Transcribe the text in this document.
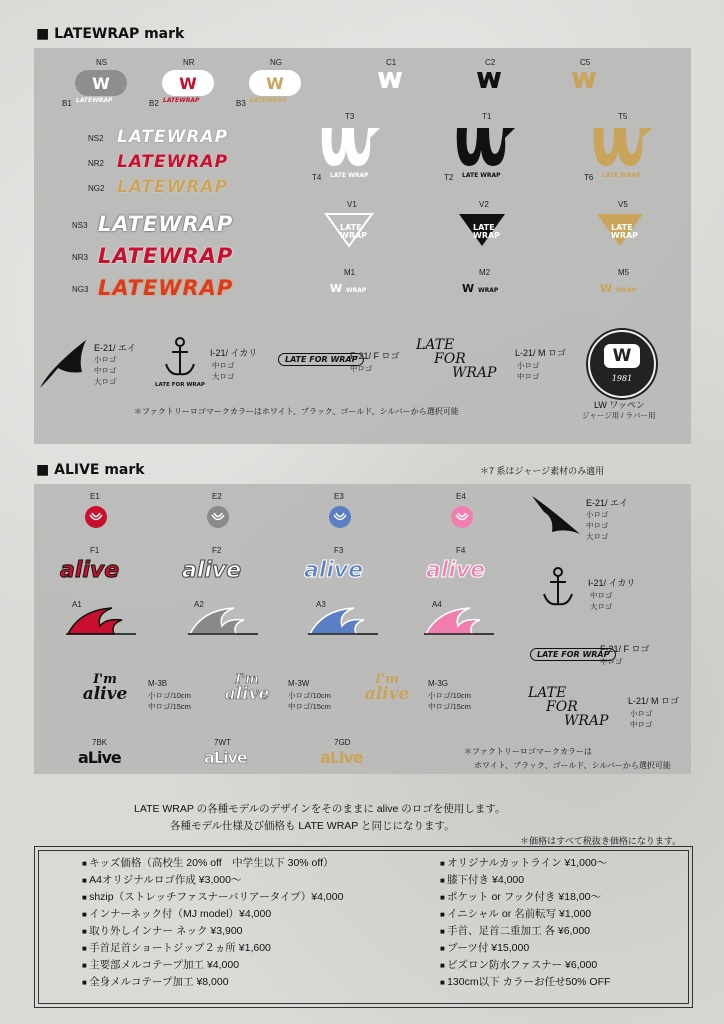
■ LATEWRAP mark
NS	NR	NG
W	W	W
LATEWRAP	LATEWRAP	LATEWRAP
B1	B2	B3
C1	C2	C5
NS2
NR2
NG2
LATEWRAP
LATEWRAP
LATEWRAP
NS3
NR3
NG3
LATEWRAP
LATEWRAP
LATEWRAP
T3	T1	T5
T4	T2	T6
LATE WRAP	LATE WRAP	LATE WRAP
V1	V2	V5
LATE
WRAP
LATE
WRAP
LATE
WRAP
M1	M2	M5
W WRAP	W WRAP	W WRAP
E-21/ エイ
小ロゴ
中ロゴ
大ロゴ	LATE FOR WRAP
I-21/ イカリ
中ロゴ
大ロゴ
LATE FOR WRAP
F-21/ F ロゴ
中ロゴ
LATE
FOR
WRAP
L-21/ M ロゴ
小ロゴ
中ロゴ
W
1981
LW ワッペン
ジャージ用 / ラバー用
＊ファクトリーロゴマークカラーはホワイト、ブラック、ゴールド、シルバーから選択可能
■ ALIVE mark	＊7 系はジャージ素材のみ適用
E1	E2	E3	E4
F1	F2	F3	F4
alive	alive	alive	alive
A1	A2	A3	A4
I'm
alive
M-3B
小ロゴ/10cm
中ロゴ/15cm
I'm
alive
M-3W
小ロゴ/10cm
中ロゴ/15cm
I'm
alive
M-3G
小ロゴ/10cm
中ロゴ/15cm
7BK	7WT	7GD
aLive	aLive	aLive
E-21/ エイ
小ロゴ
中ロゴ
大ロゴ
I-21/ イカリ
中ロゴ
大ロゴ
LATE FOR WRAP
F-21/ F ロゴ
中ロゴ
LATE
FOR
WRAP
L-21/ M ロゴ
小ロゴ
中ロゴ
＊ファクトリーロゴマークカラーは
ホワイト、ブラック、ゴールド、シルバーから選択可能
LATE WRAP の各種モデルのデザインをそのままに alive のロゴを使用します。
各種モデル仕様及び価格も LATE WRAP と同じになります。
＊価格はすべて税抜き価格になります。
■ キッズ価格（高校生 20% off　中学生以下 30% off）
■ A4オリジナルロゴ作成 ¥3,000～
■ shzip（ストレッチファスナーバリアータイプ）¥4,000
■ インナーネック付（MJ model）¥4,000
■ 取り外しインナー ネック ¥3,900
■ 手首足首ショートジップ２ヵ所 ¥1,600
■ 主要部メルコテープ加工 ¥4,000
■ 全身メルコテープ加工 ¥8,000
■ オリジナルカットライン ¥1,000～
■ 膝下付き ¥4,000
■ ポケット or フック付き ¥18,00～
■ イニシャル or 名前転写 ¥1,000
■ 手首、足首二重加工 各 ¥6,000
■ ブーツ付 ¥15,000
■ ビズロン防水ファスナー ¥6,000
■ 130cm以下 カラーお任せ50% OFF
